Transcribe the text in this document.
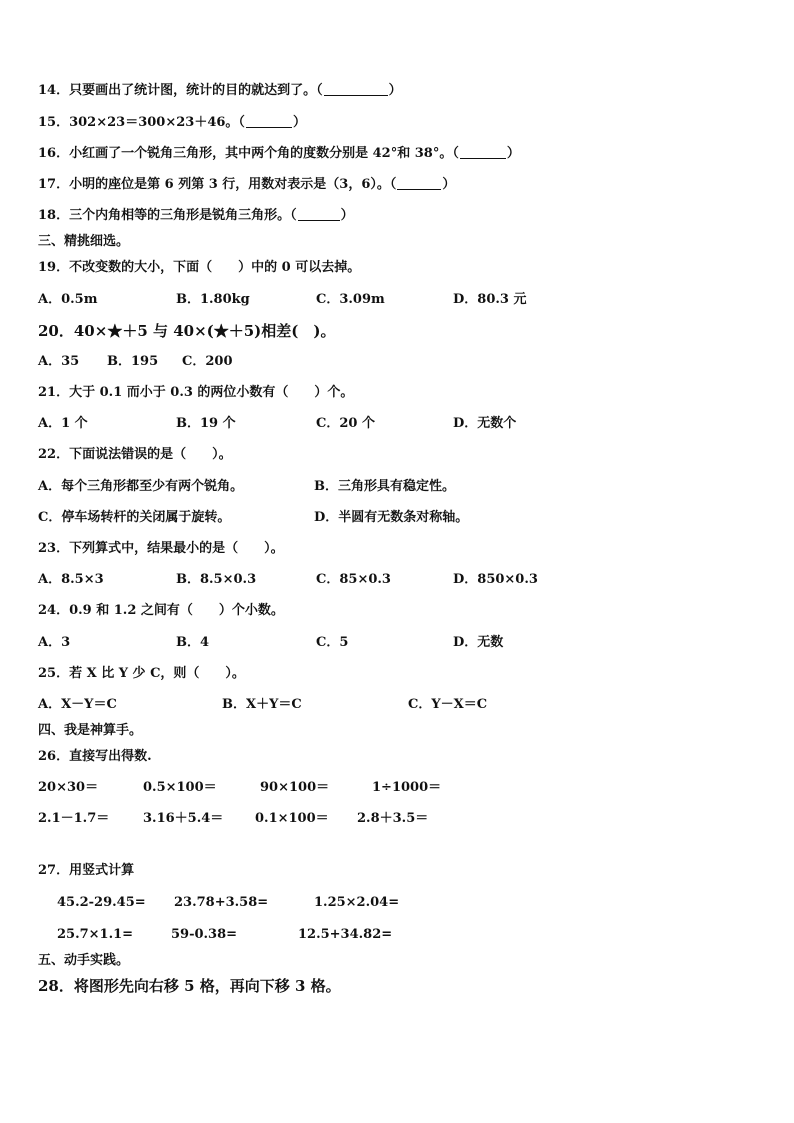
14．只要画出了统计图，统计的目的就达到了。（	）
15．302×23＝300×23＋46。（	）
16．小红画了一个锐角三角形，其中两个角的度数分别是 42°和 38°。（	）
17．小明的座位是第 6 列第 3 行，用数对表示是（3，6）。（	）
18．三个内角相等的三角形是锐角三角形。（	）
三、精挑细选。
19．不改变数的大小，下面（　　）中的 0 可以去掉。
A．0.5m	B．1.80kg	C．3.09m	D．80.3 元
20．40×★＋5 与 40×(★＋5)相差(　)。
A．35 B．195 C．200
21．大于 0.1 而小于 0.3 的两位小数有（　　）个。
A．1 个	B．19 个	C．20 个	D．无数个
22．下面说法错误的是（　　）。
A．每个三角形都至少有两个锐角。	B．三角形具有稳定性。
C．停车场转杆的关闭属于旋转。	D．半圆有无数条对称轴。
23．下列算式中，结果最小的是（　　）。
A．8.5×3	B．8.5×0.3	C．85×0.3	D．850×0.3
24．0.9 和 1.2 之间有（　　）个小数。
A．3	B．4	C．5	D．无数
25．若 X 比 Y 少 C，则（　　）。
A．X－Y＝C	B．X＋Y＝C	C．Y－X＝C
四、我是神算手。
26．直接写出得数.
20×30＝	0.5×100＝	90×100＝	1÷1000＝
2.1－1.7＝	3.16＋5.4＝ 0.1×100＝ 2.8＋3.5＝
27．用竖式计算
45.2-29.45= 23.78+3.58=	1.25×2.04=
25.7×1.1=	59-0.38=	12.5+34.82=
五、动手实践。
28．将图形先向右移 5 格，再向下移 3 格。
